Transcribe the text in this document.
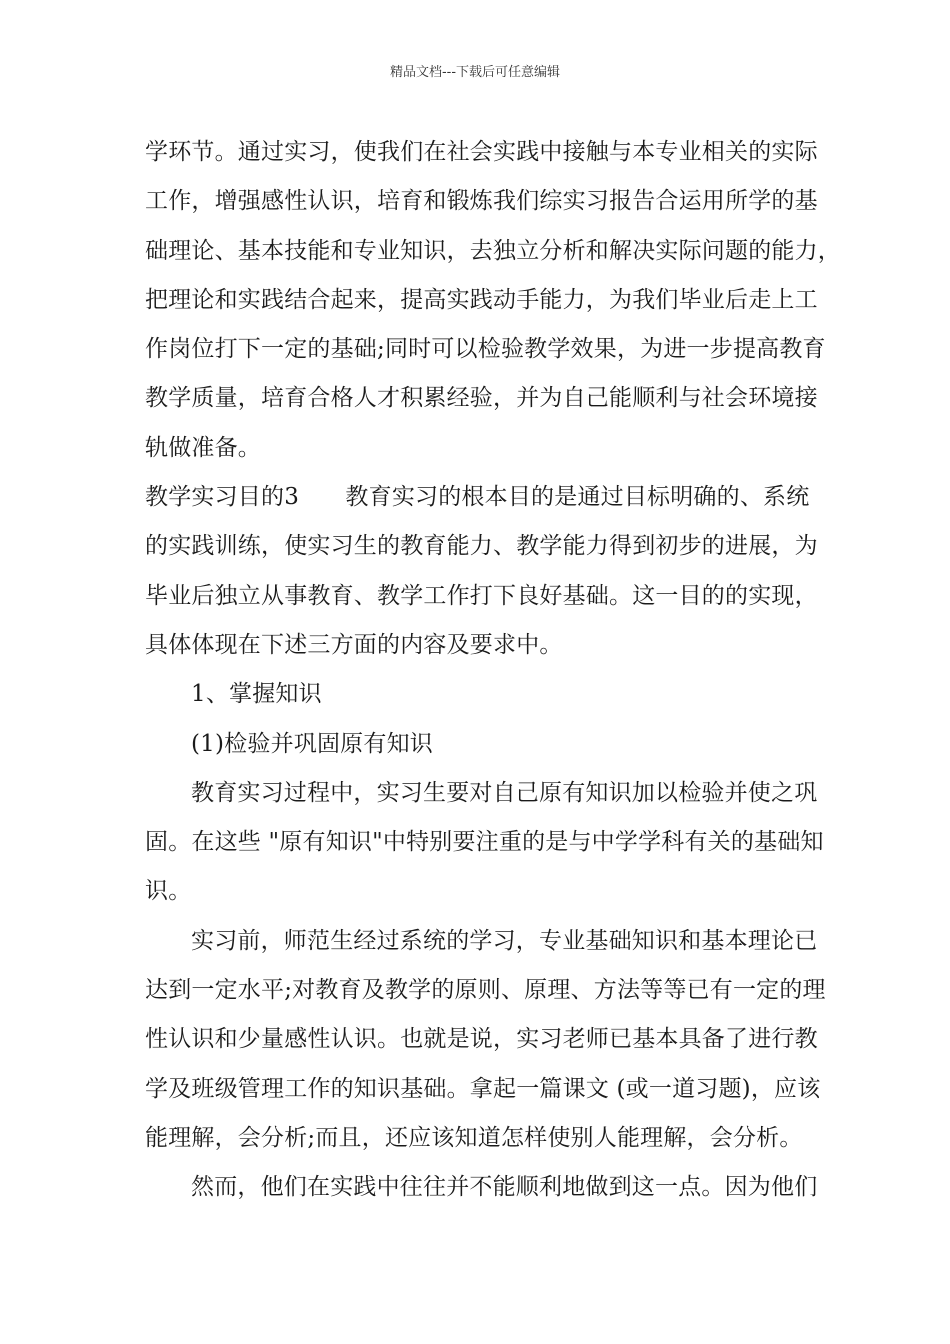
精品文档---下载后可任意编辑
学环节。通过实习，使我们在社会实践中接触与本专业相关的实际
工作，增强感性认识，培育和锻炼我们综实习报告合运用所学的基
础理论、基本技能和专业知识，去独立分析和解决实际问题的能力，
把理论和实践结合起来，提高实践动手能力，为我们毕业后走上工
作岗位打下一定的基础;同时可以检验教学效果，为进一步提高教育
教学质量，培育合格人才积累经验，并为自己能顺利与社会环境接
轨做准备。
教学实习目的3　　教育实习的根本目的是通过目标明确的、系统
的实践训练，使实习生的教育能力、教学能力得到初步的进展，为
毕业后独立从事教育、教学工作打下良好基础。这一目的的实现，
具体体现在下述三方面的内容及要求中。
1、掌握知识
(1)检验并巩固原有知识
教育实习过程中，实习生要对自己原有知识加以检验并使之巩
固。在这些 "原有知识"中特别要注重的是与中学学科有关的基础知
识。
实习前，师范生经过系统的学习，专业基础知识和基本理论已
达到一定水平;对教育及教学的原则、原理、方法等等已有一定的理
性认识和少量感性认识。也就是说，实习老师已基本具备了进行教
学及班级管理工作的知识基础。拿起一篇课文 (或一道习题)，应该
能理解，会分析;而且，还应该知道怎样使别人能理解，会分析。
然而，他们在实践中往往并不能顺利地做到这一点。因为他们
